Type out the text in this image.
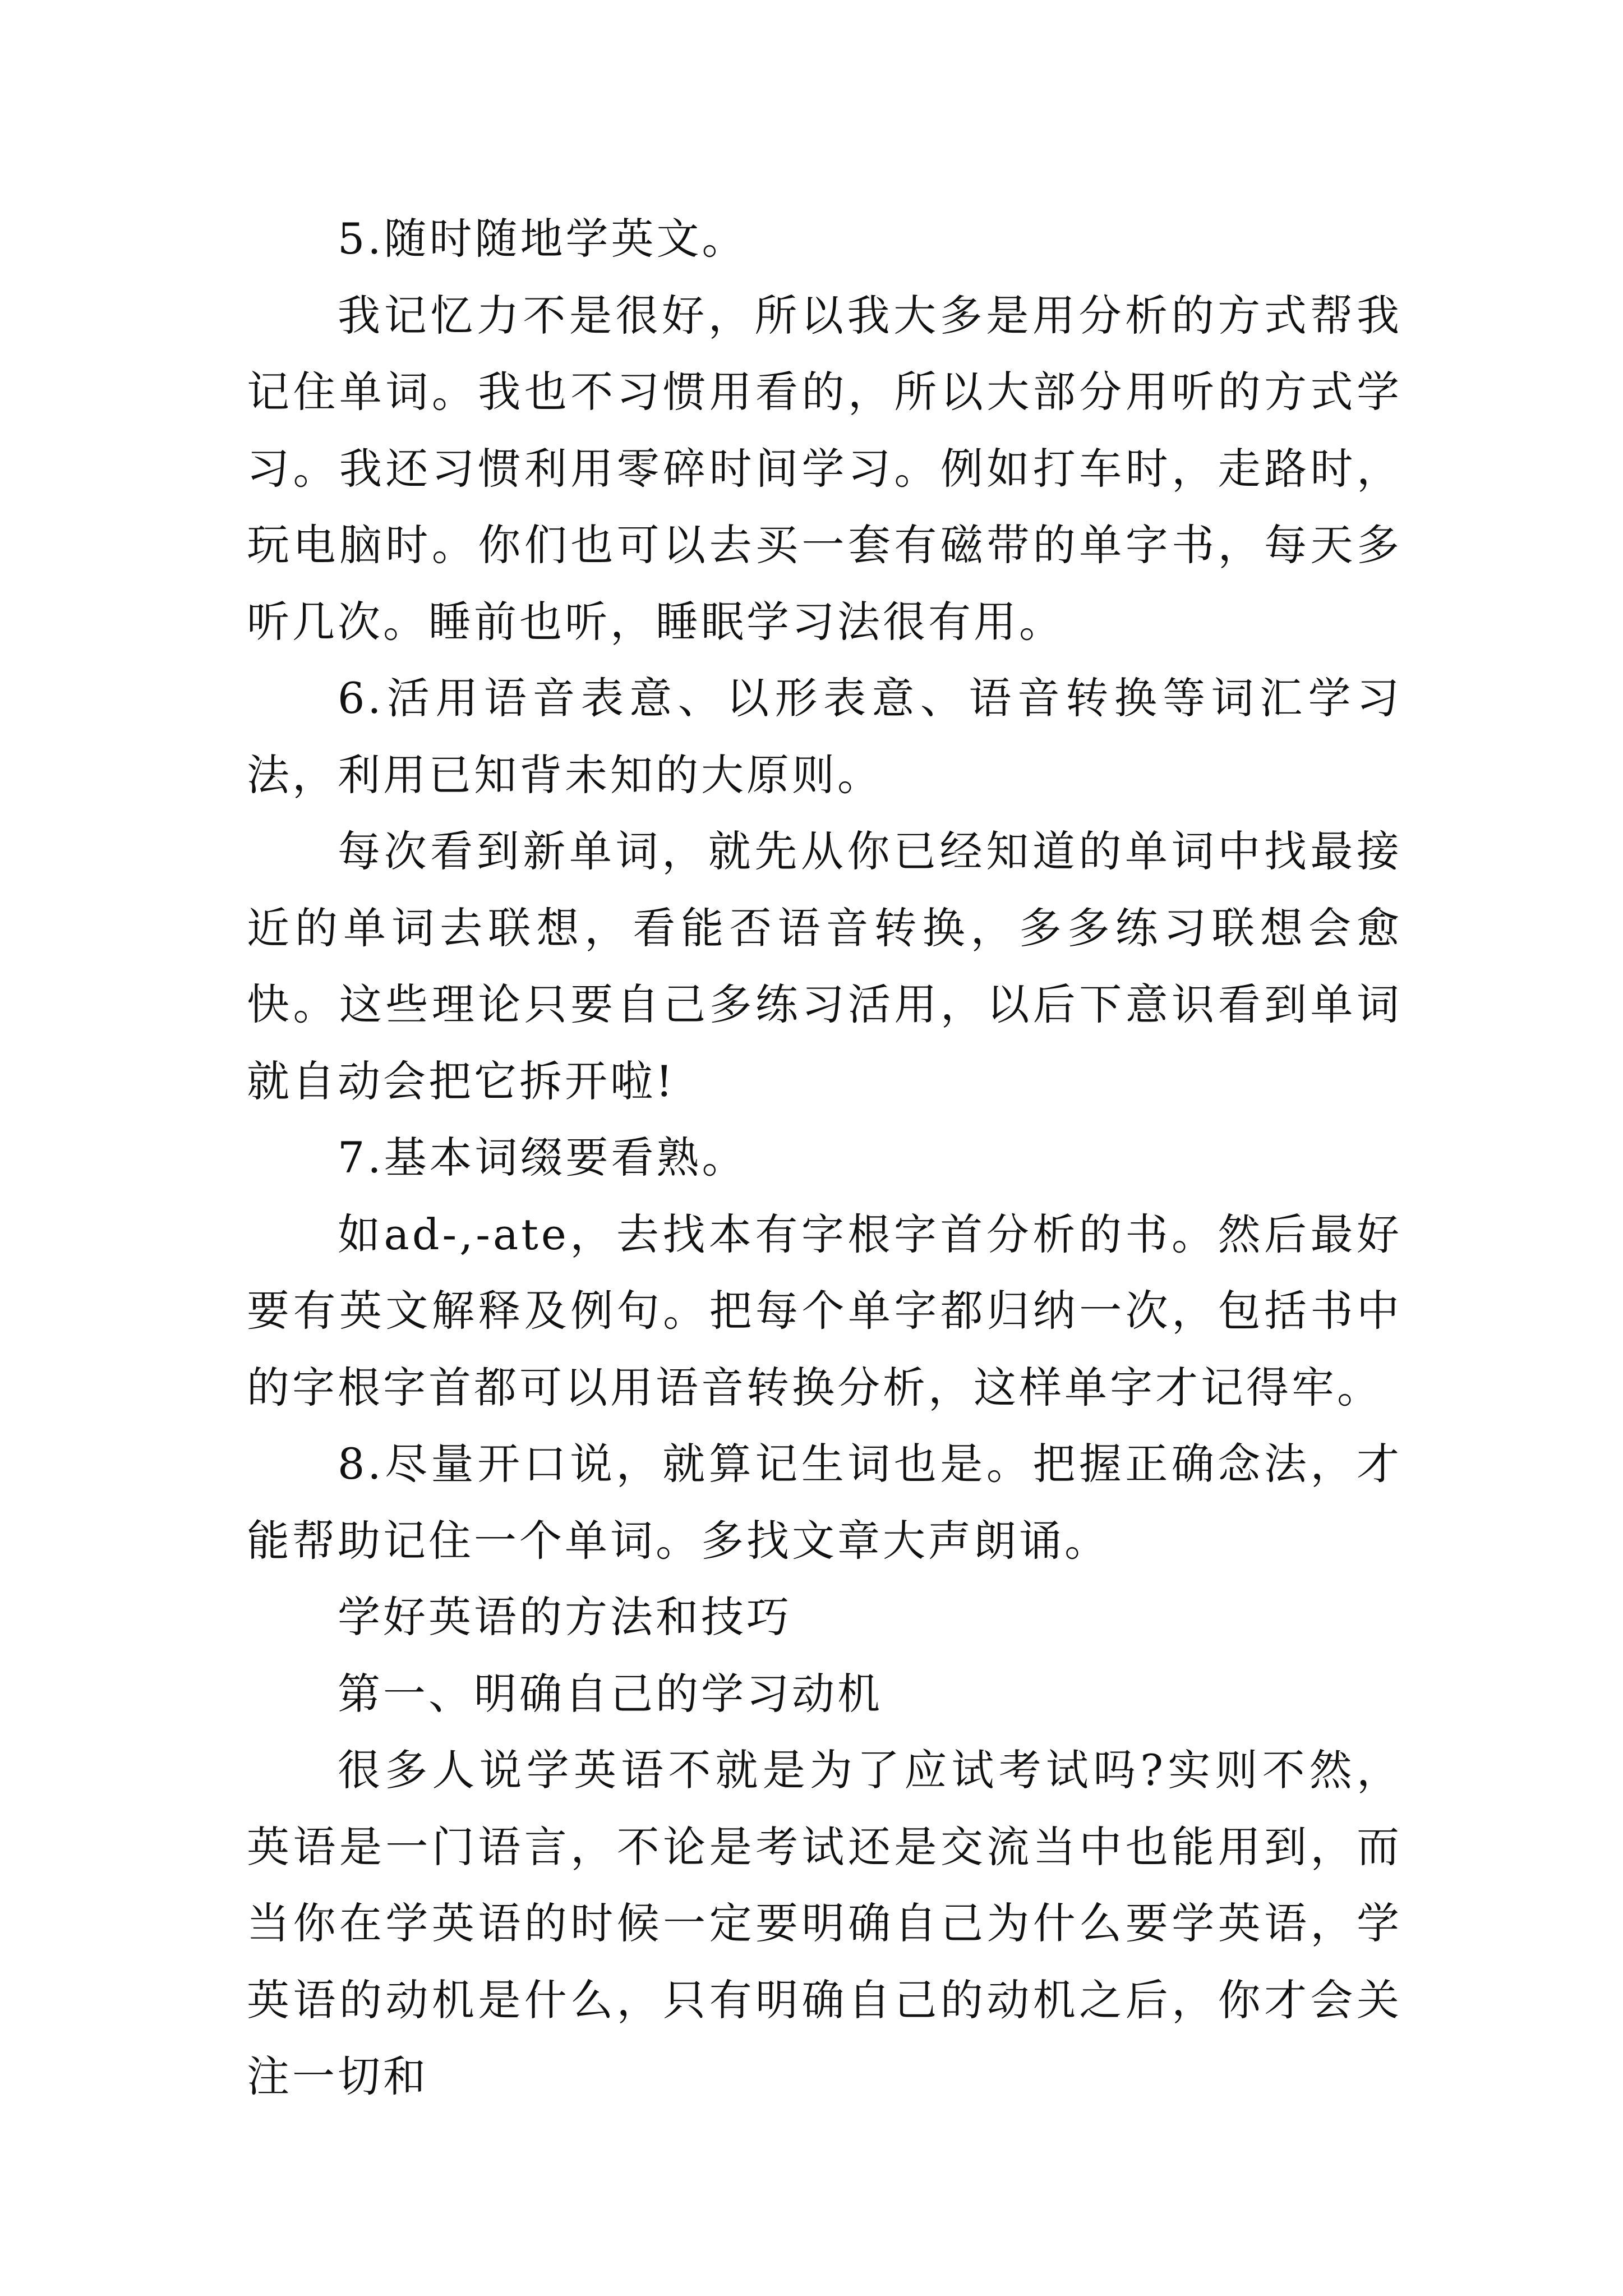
5.随时随地学英文。

我记忆力不是很好，所以我大多是用分析的方式帮我记住单词。我也不习惯用看的，所以大部分用听的方式学习。我还习惯利用零碎时间学习。例如打车时，走路时，玩电脑时。你们也可以去买一套有磁带的单字书，每天多听几次。睡前也听，睡眠学习法很有用。

6.活用语音表意、以形表意、语音转换等词汇学习法，利用已知背未知的大原则。

每次看到新单词，就先从你已经知道的单词中找最接近的单词去联想，看能否语音转换，多多练习联想会愈快。这些理论只要自己多练习活用，以后下意识看到单词就自动会把它拆开啦!

7.基本词缀要看熟。

如ad-,-ate，去找本有字根字首分析的书。然后最好要有英文解释及例句。把每个单字都归纳一次，包括书中的字根字首都可以用语音转换分析，这样单字才记得牢。

8.尽量开口说，就算记生词也是。把握正确念法，才能帮助记住一个单词。多找文章大声朗诵。

学好英语的方法和技巧

第一、明确自己的学习动机

很多人说学英语不就是为了应试考试吗?实则不然，英语是一门语言，不论是考试还是交流当中也能用到，而当你在学英语的时候一定要明确自己为什么要学英语，学英语的动机是什么，只有明确自己的动机之后，你才会关注一切和
